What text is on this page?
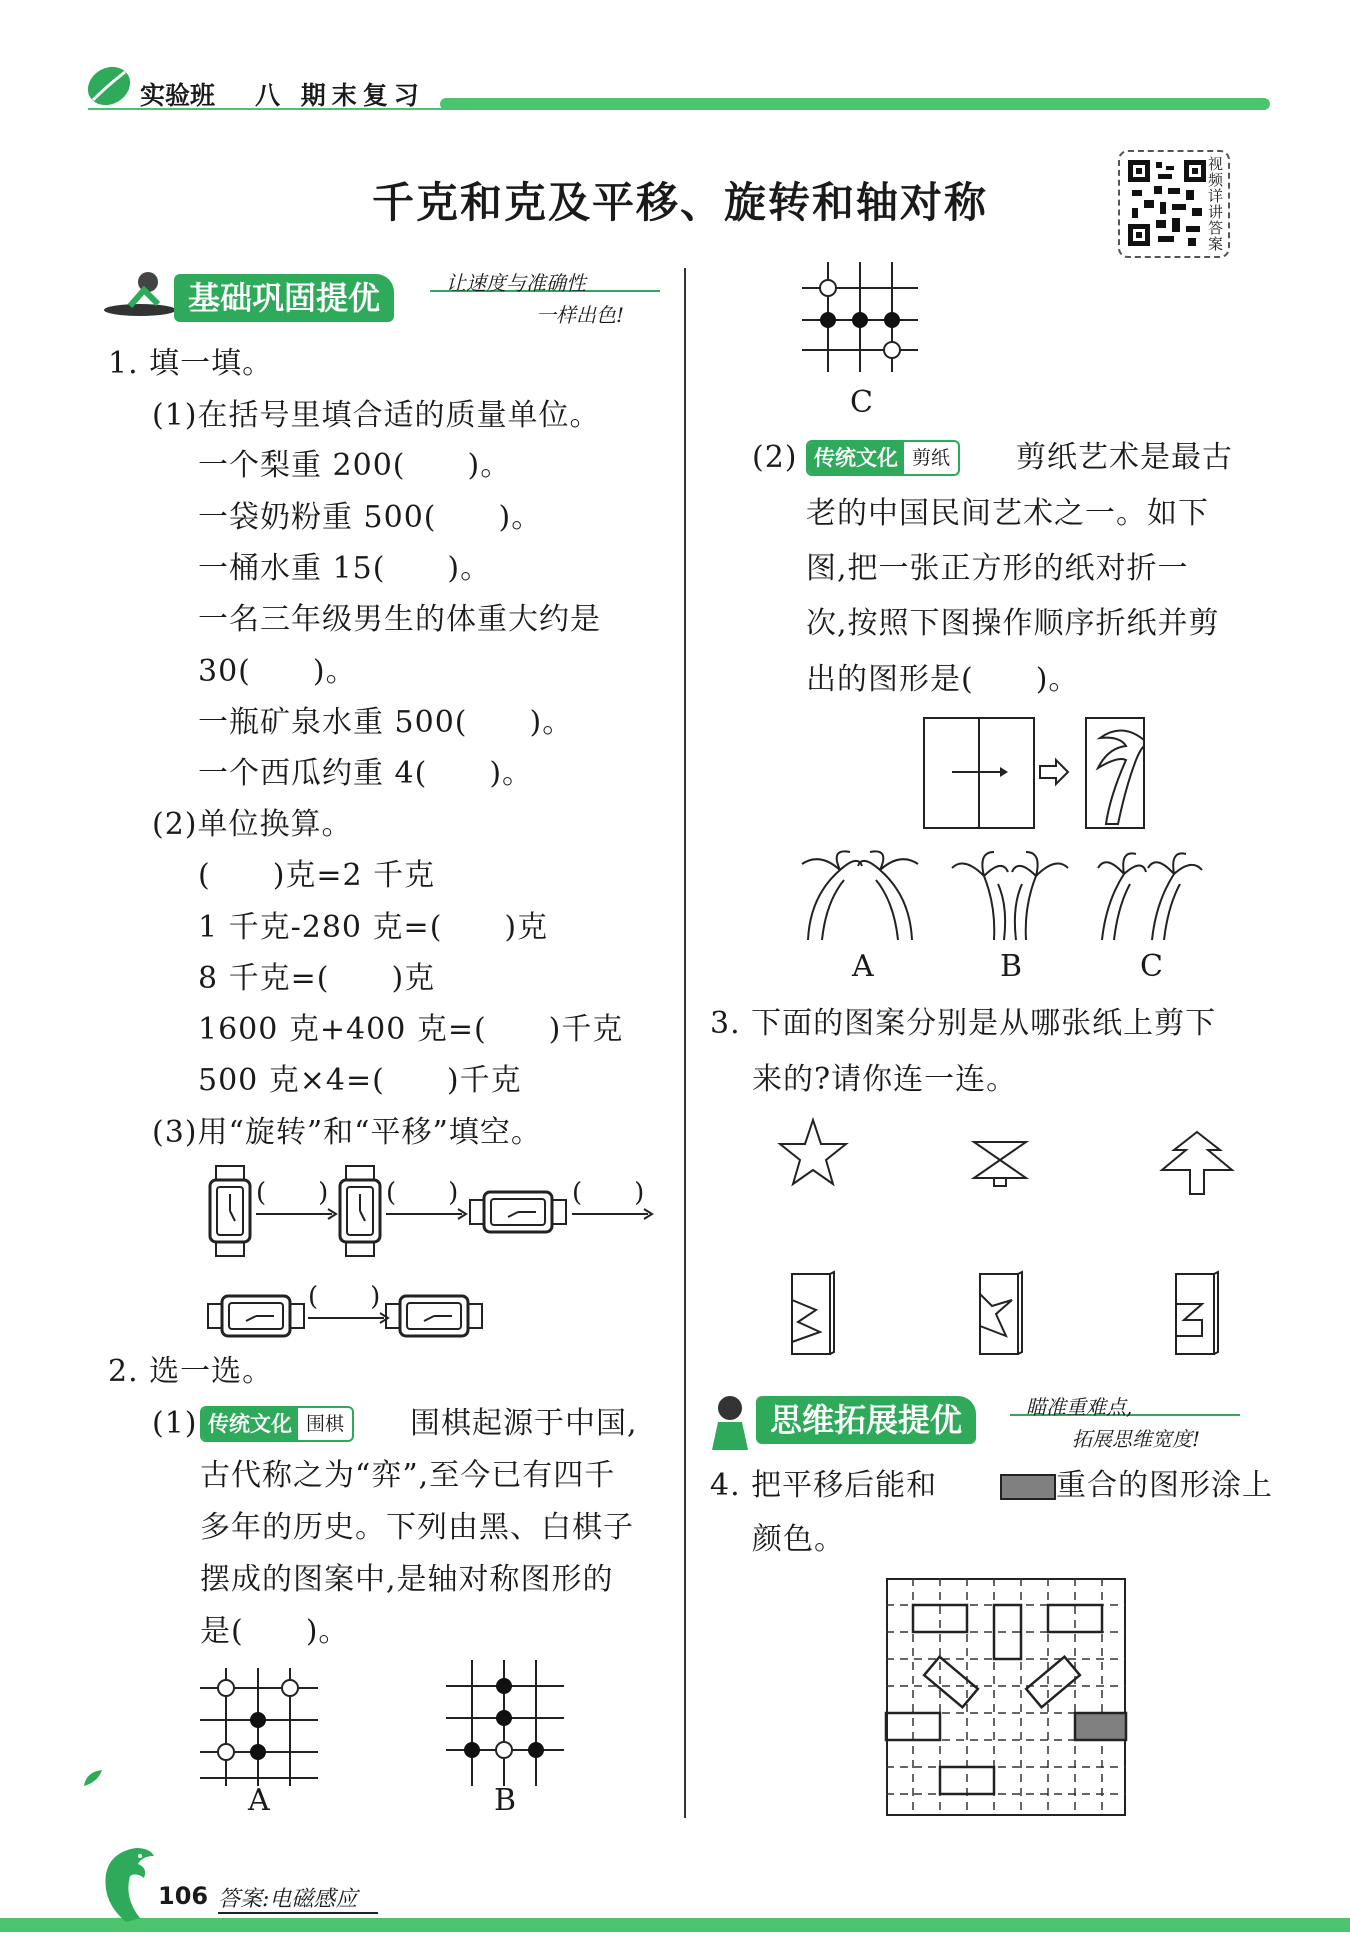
实验班 八 期末复习
千克和克及平移、旋转和轴对称
视频详讲答案
基础巩固提优	让速度与准确性
一样出色!
1. 填一填。
(1)在括号里填合适的质量单位。
一个梨重 200(　　)。
一袋奶粉重 500(　　)。
一桶水重 15(　　)。
一名三年级男生的体重大约是
30(　　)。
一瓶矿泉水重 500(　　)。
一个西瓜约重 4(　　)。
(2)单位换算。
(　　)克=2 千克
1 千克-280 克=(　　)克
8 千克=(　　)克
1600 克+400 克=(　　)千克
500 克×4=(　　)千克
(3)用“旋转”和“平移”填空。
(　　) (　　)	(　　)
(　　)
2. 选一选。
(1) 传统文化 围棋 围棋起源于中国,
古代称之为“弈”,至今已有四千
多年的历史。下列由黑、白棋子
摆成的图案中,是轴对称图形的
是(　　)。
A	B
C
(2) 传统文化 剪纸 剪纸艺术是最古
老的中国民间艺术之一。如下
图,把一张正方形的纸对折一
次,按照下图操作顺序折纸并剪
出的图形是(　　)。
A	B	C
3. 下面的图案分别是从哪张纸上剪下
来的?请你连一连。
思维拓展提优	瞄准重难点,
拓展思维宽度!
4. 把平移后能和	重合的图形涂上
颜色。
106 答案:电磁感应
